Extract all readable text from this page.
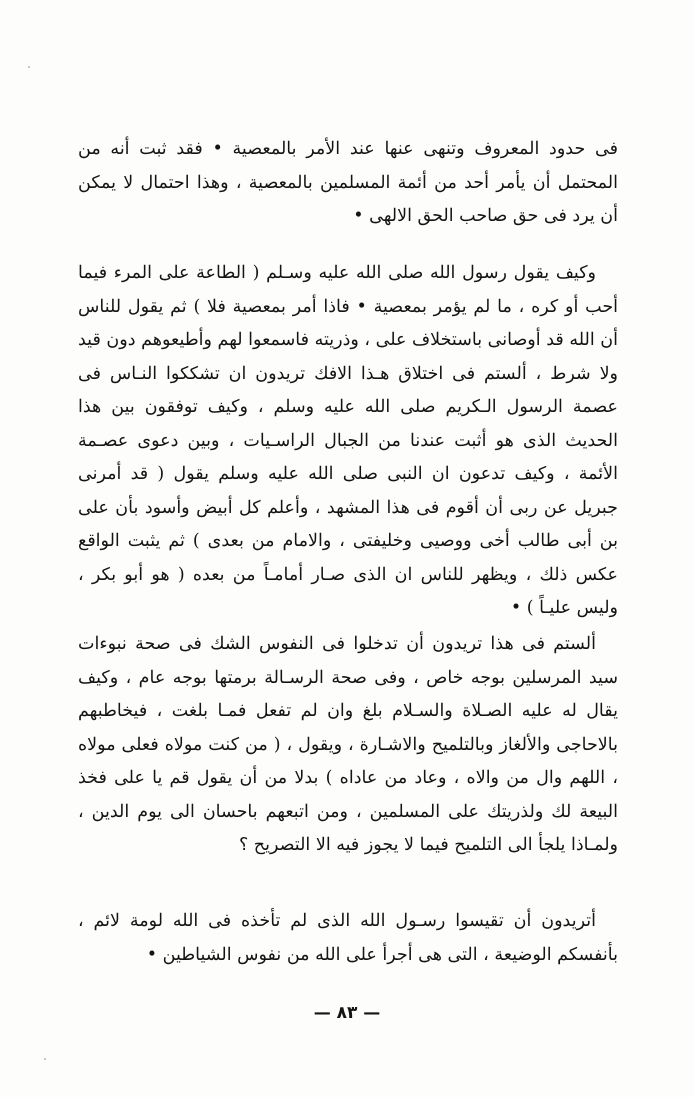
فى حدود المعروف وتنهى عنها عند الأمر بالمعصية • فقد ثبت أنه من المحتمل أن يأمر أحد من أئمة المسلمين بالمعصية ، وهذا احتمال لا يمكن أن يرد فى حق صاحب الحق الالهى •

وكيف يقول رسول الله صلى الله عليه وسـلم ( الطاعة على المرء فيما أحب أو كره ، ما لم يؤمر بمعصية • فاذا أمر بمعصية فلا ) ثم يقول للناس أن الله قد أوصانى باستخلاف على ، وذريته فاسمعوا لهم وأطيعوهم دون قيد ولا شرط ، ألستم فى اختلاق هـذا الافك تريدون ان تشككوا النـاس فى عصمة الرسول الـكريم صلى الله عليه وسلم ، وكيف توفقون بين هذا الحديث الذى هو أثبت عندنا من الجبال الراسـيات ، وبين دعوى عصـمة الأئمة ، وكيف تدعون ان النبى صلى الله عليه وسلم يقول ( قد أمرنى جبريل عن ربى أن أقوم فى هذا المشهد ، وأعلم كل أبيض وأسود بأن على بن أبى طالب أخى ووصيى وخليفتى ، والامام من بعدى ) ثم يثبت الواقع عكس ذلك ، ويظهر للناس ان الذى صـار أمامـاً من بعده ( هو أبو بكر ، وليس عليـاً ) •

ألستم فى هذا تريدون أن تدخلوا فى النفوس الشك فى صحة نبوءات سيد المرسلين بوجه خاص ، وفى صحة الرسـالة برمتها بوجه عام ، وكيف يقال له عليه الصـلاة والسـلام بلغ وان لم تفعل فمـا بلغت ، فيخاطبهم بالاحاجى والألغاز وبالتلميح والاشـارة ، ويقول ، ( من كنت مولاه فعلى مولاه ، اللهم وال من والاه ، وعاد من عاداه ) بدلا من أن يقول قم يا على فخذ البيعة لك ولذريتك على المسلمين ، ومن اتبعهم باحسان الى يوم الدين ، ولمـاذا يلجأ الى التلميح فيما لا يجوز فيه الا التصريح ؟

أتريدون أن تقيسوا رسـول الله الذى لم تأخذه فى الله لومة لائم ، بأنفسكم الوضيعة ، التى هى أجرأ على الله من نفوس الشياطين •

— ٨٣ —
